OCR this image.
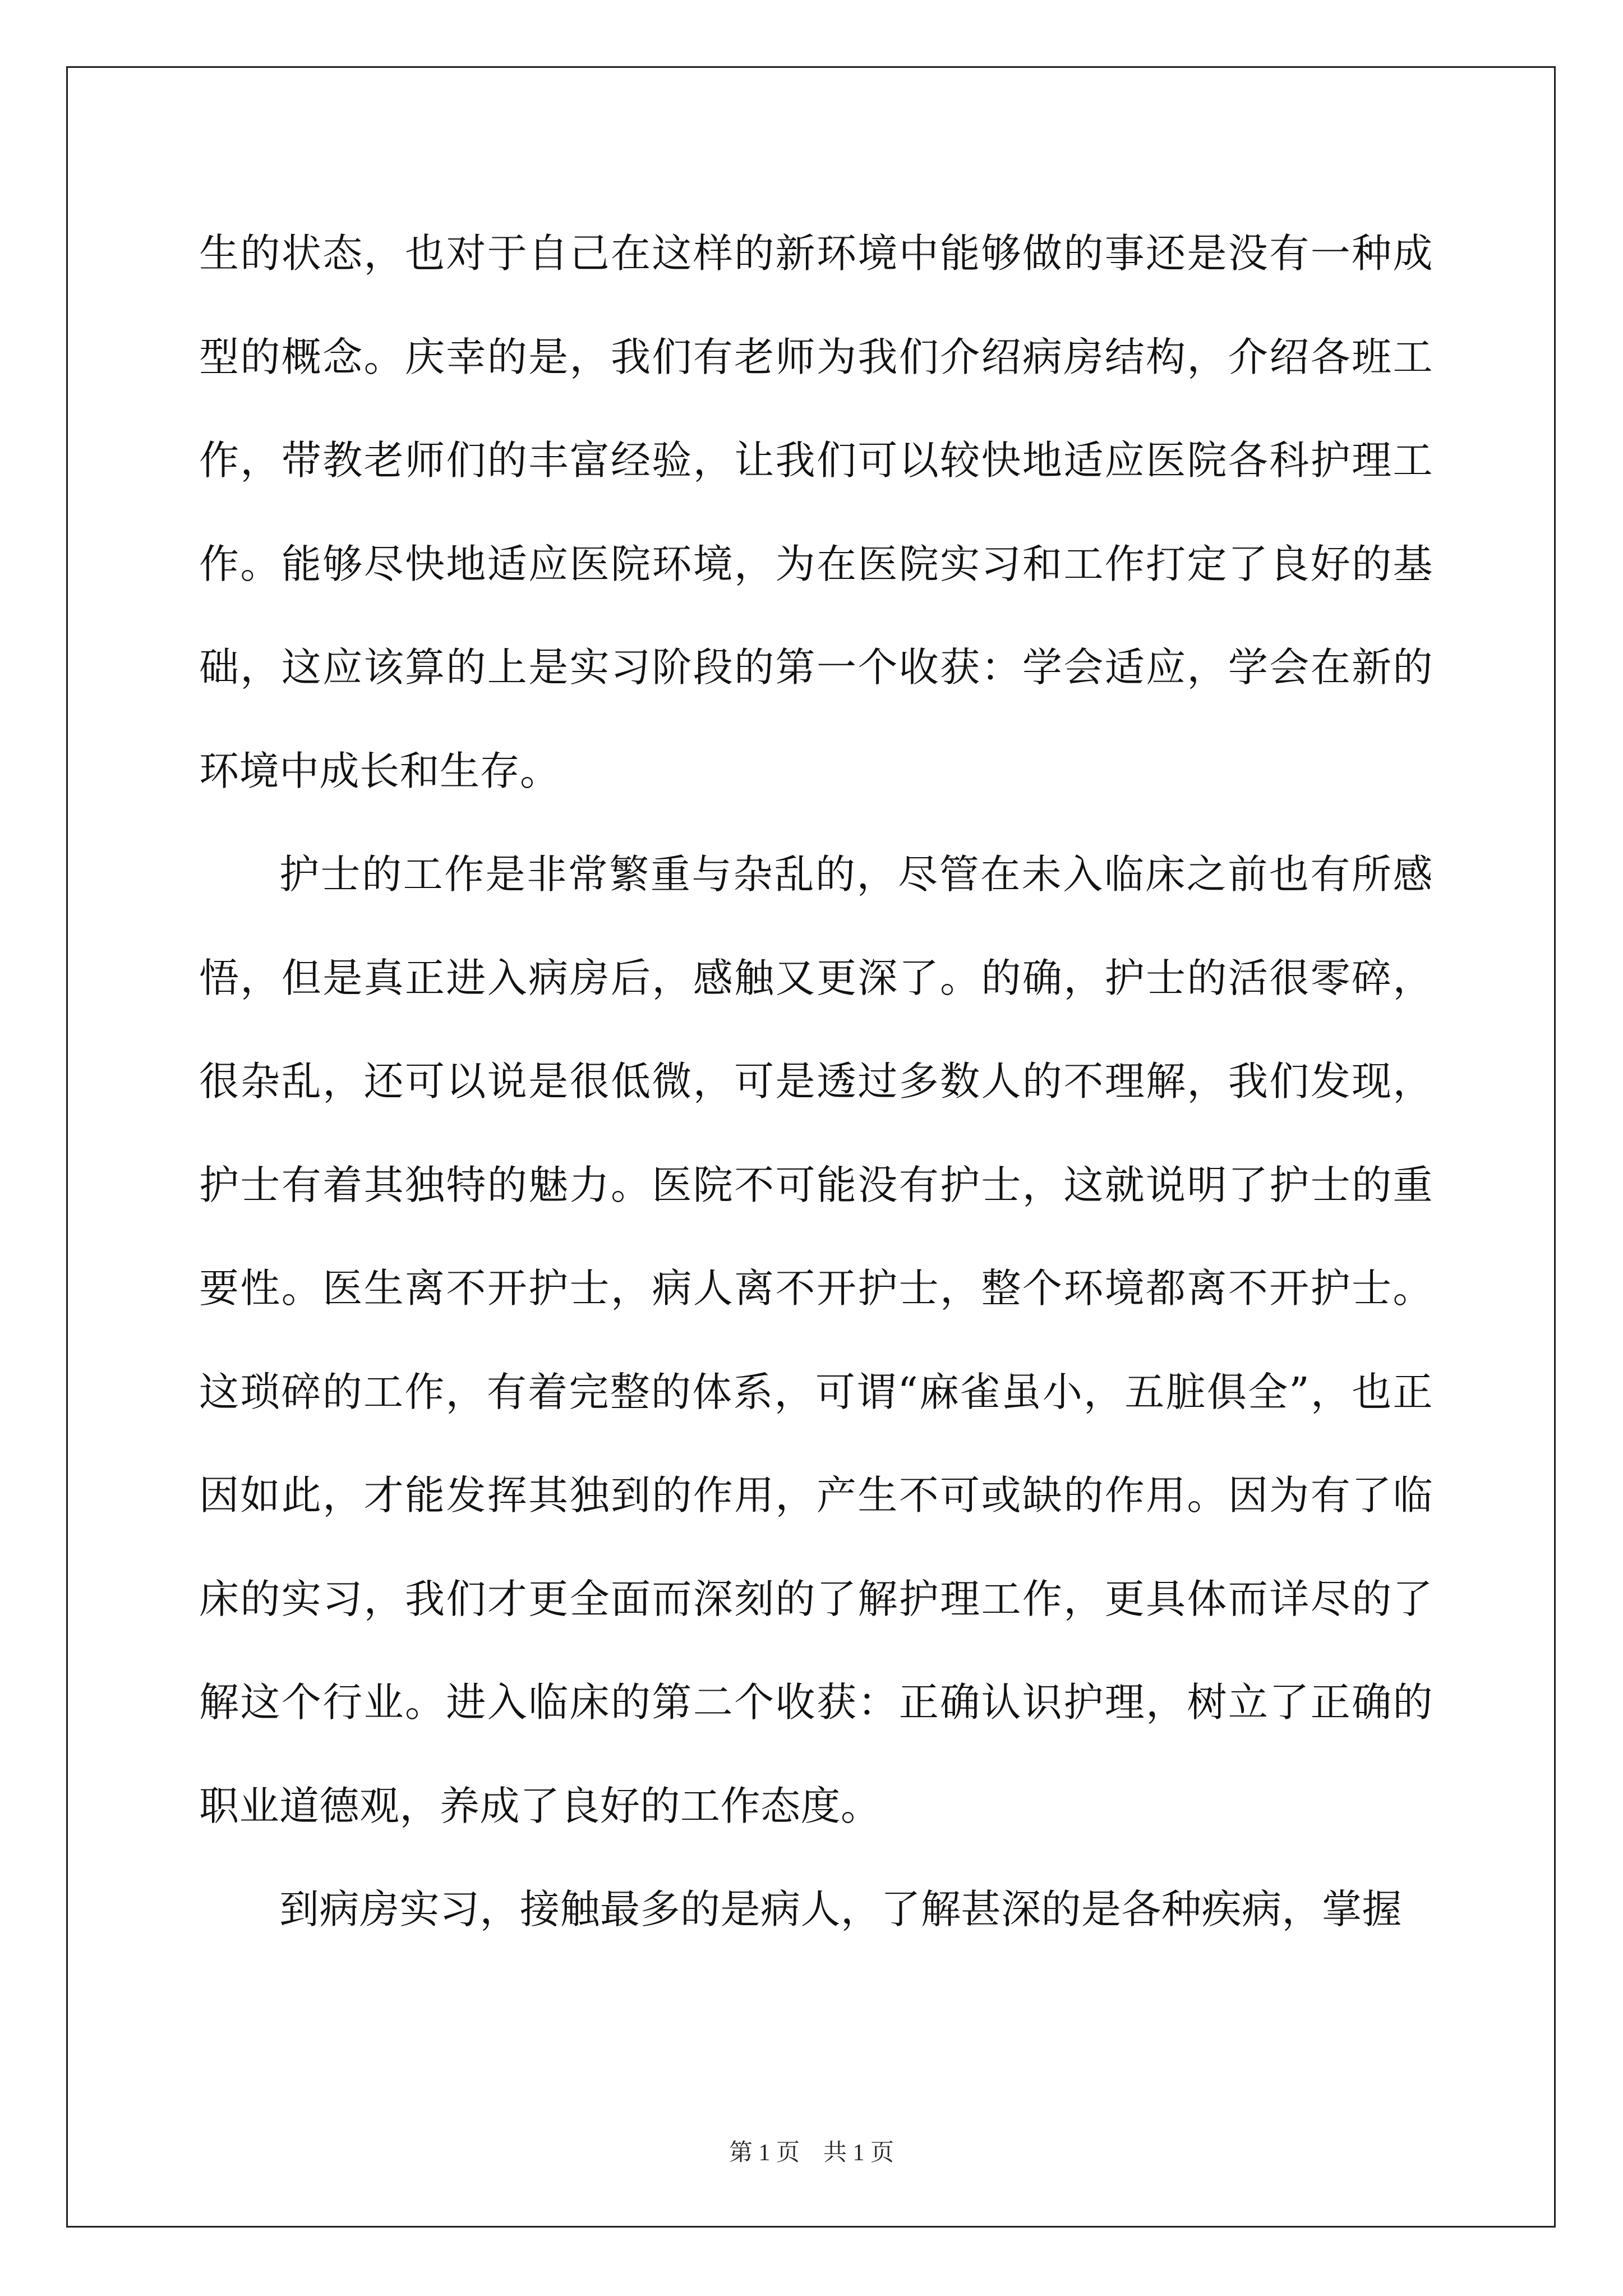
生的状态，也对于自己在这样的新环境中能够做的事还是没有一种成型的概念。庆幸的是，我们有老师为我们介绍病房结构，介绍各班工作，带教老师们的丰富经验，让我们可以较快地适应医院各科护理工作。能够尽快地适应医院环境，为在医院实习和工作打定了良好的基础，这应该算的上是实习阶段的第一个收获：学会适应，学会在新的环境中成长和生存。

护士的工作是非常繁重与杂乱的，尽管在未入临床之前也有所感悟，但是真正进入病房后，感触又更深了。的确，护士的活很零碎，很杂乱，还可以说是很低微，可是透过多数人的不理解，我们发现，护士有着其独特的魅力。医院不可能没有护士，这就说明了护士的重要性。医生离不开护士，病人离不开护士，整个环境都离不开护士。这琐碎的工作，有着完整的体系，可谓“麻雀虽小，五脏俱全”，也正因如此，才能发挥其独到的作用，产生不可或缺的作用。因为有了临床的实习，我们才更全面而深刻的了解护理工作，更具体而详尽的了解这个行业。进入临床的第二个收获：正确认识护理，树立了正确的职业道德观，养成了良好的工作态度。

到病房实习，接触最多的是病人，了解甚深的是各种疾病，掌握

第 1 页　共 1 页
